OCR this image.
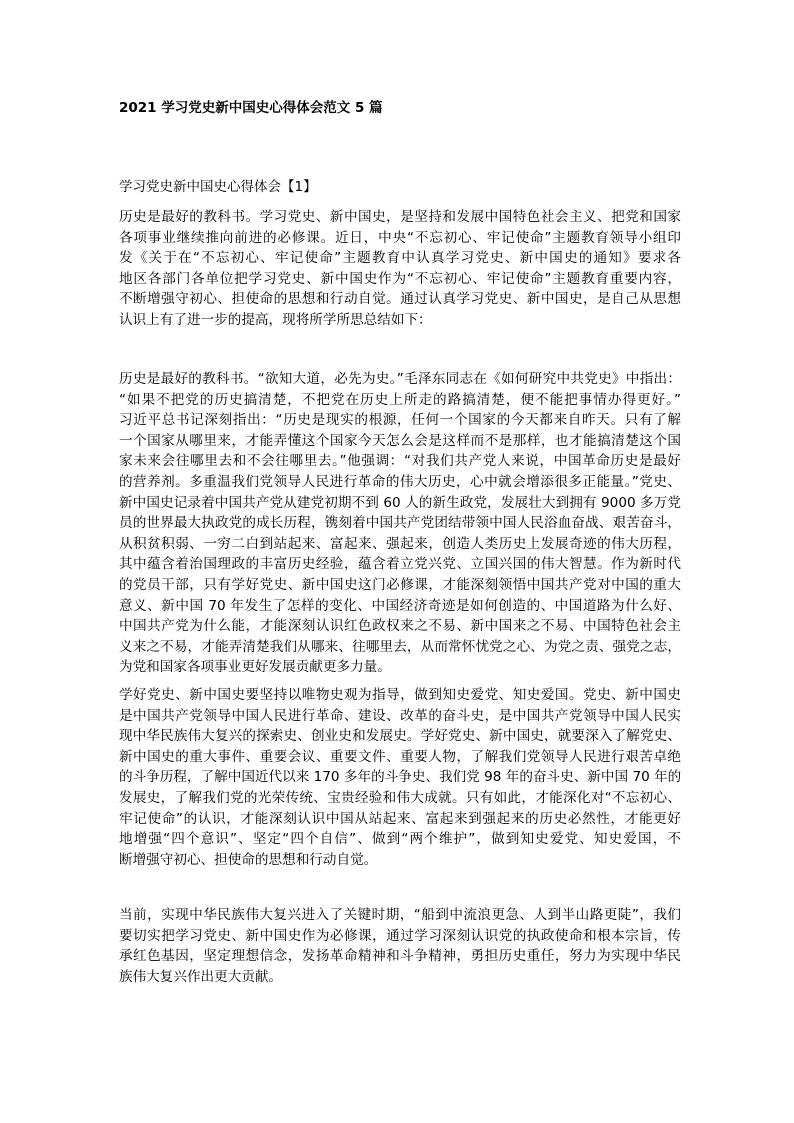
2021 学习党史新中国史心得体会范文 5 篇
学习党史新中国史心得体会【1】
历史是最好的教科书。学习党史、新中国史，是坚持和发展中国特色社会主义、把党和国家
各项事业继续推向前进的必修课。近日，中央“不忘初心、牢记使命”主题教育领导小组印
发《关于在“不忘初心、牢记使命”主题教育中认真学习党史、新中国史的通知》要求各
地区各部门各单位把学习党史、新中国史作为“不忘初心、牢记使命”主题教育重要内容，
不断增强守初心、担使命的思想和行动自觉。通过认真学习党史、新中国史，是自己从思想
认识上有了进一步的提高，现将所学所思总结如下：
历史是最好的教科书。“欲知大道，必先为史。”毛泽东同志在《如何研究中共党史》中指出：
“如果不把党的历史搞清楚，不把党在历史上所走的路搞清楚，便不能把事情办得更好。”
习近平总书记深刻指出：“历史是现实的根源，任何一个国家的今天都来自昨天。只有了解
一个国家从哪里来，才能弄懂这个国家今天怎么会是这样而不是那样，也才能搞清楚这个国
家未来会往哪里去和不会往哪里去。”他强调：“对我们共产党人来说，中国革命历史是最好
的营养剂。多重温我们党领导人民进行革命的伟大历史，心中就会增添很多正能量。”党史、
新中国史记录着中国共产党从建党初期不到 60 人的新生政党，发展壮大到拥有 9000 多万党
员的世界最大执政党的成长历程，镌刻着中国共产党团结带领中国人民浴血奋战、艰苦奋斗，
从积贫积弱、一穷二白到站起来、富起来、强起来，创造人类历史上发展奇迹的伟大历程，
其中蕴含着治国理政的丰富历史经验，蕴含着立党兴党、立国兴国的伟大智慧。作为新时代
的党员干部，只有学好党史、新中国史这门必修课，才能深刻领悟中国共产党对中国的重大
意义、新中国 70 年发生了怎样的变化、中国经济奇迹是如何创造的、中国道路为什么好、
中国共产党为什么能，才能深刻认识红色政权来之不易、新中国来之不易、中国特色社会主
义来之不易，才能弄清楚我们从哪来、往哪里去，从而常怀忧党之心、为党之责、强党之志，
为党和国家各项事业更好发展贡献更多力量。
学好党史、新中国史要坚持以唯物史观为指导，做到知史爱党、知史爱国。党史、新中国史
是中国共产党领导中国人民进行革命、建设、改革的奋斗史，是中国共产党领导中国人民实
现中华民族伟大复兴的探索史、创业史和发展史。学好党史、新中国史，就要深入了解党史、
新中国史的重大事件、重要会议、重要文件、重要人物，了解我们党领导人民进行艰苦卓绝
的斗争历程，了解中国近代以来 170 多年的斗争史、我们党 98 年的奋斗史、新中国 70 年的
发展史，了解我们党的光荣传统、宝贵经验和伟大成就。只有如此，才能深化对“不忘初心、
牢记使命”的认识，才能深刻认识中国从站起来、富起来到强起来的历史必然性，才能更好
地增强“四个意识”、坚定“四个自信”、做到“两个维护”，做到知史爱党、知史爱国，不
断增强守初心、担使命的思想和行动自觉。
当前，实现中华民族伟大复兴进入了关键时期，“船到中流浪更急、人到半山路更陡”，我们
要切实把学习党史、新中国史作为必修课，通过学习深刻认识党的执政使命和根本宗旨，传
承红色基因，坚定理想信念，发扬革命精神和斗争精神，勇担历史重任，努力为实现中华民
族伟大复兴作出更大贡献。
